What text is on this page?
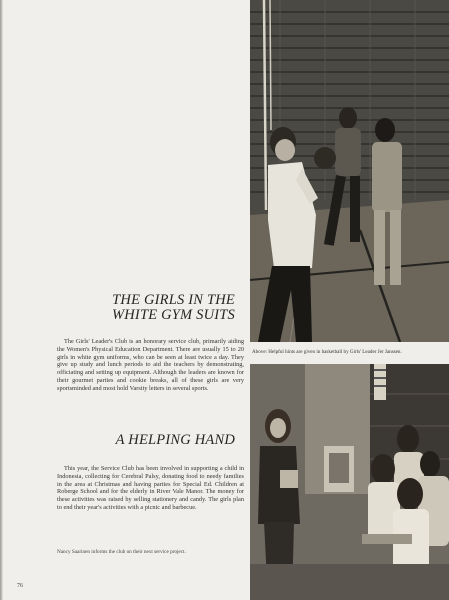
THE GIRLS IN THE
WHITE GYM SUITS

The Girls' Leader's Club is an honorary service club, primarily aiding the Women's Physical Education Department. There are usually 15 to 20 girls in white gym uniforms, who can be seen at least twice a day. They give up study and lunch periods to aid the teachers by demonstrating, officiating and setting up equipment. Although the leaders are known for their gourmet parties and cookie breaks, all of these girls are very sportsminded and most hold Varsity letters in several sports.

A HELPING HAND

This year, the Service Club has been involved in supporting a child in Indonesia, collecting for Cerebral Palsy, donating food to needy families in the area at Christmas and having parties for Special Ed. Children at Roberge School and for the elderly in River Vale Manor. The money for these activities was raised by selling stationery and candy. The girls plan to end their year's activities with a picnic and barbecue.

Nancy Saarinen informs the club on their next service project.

76

Above: Helpful hints are given in basketball by Girls' Leader Jer Janssen.
